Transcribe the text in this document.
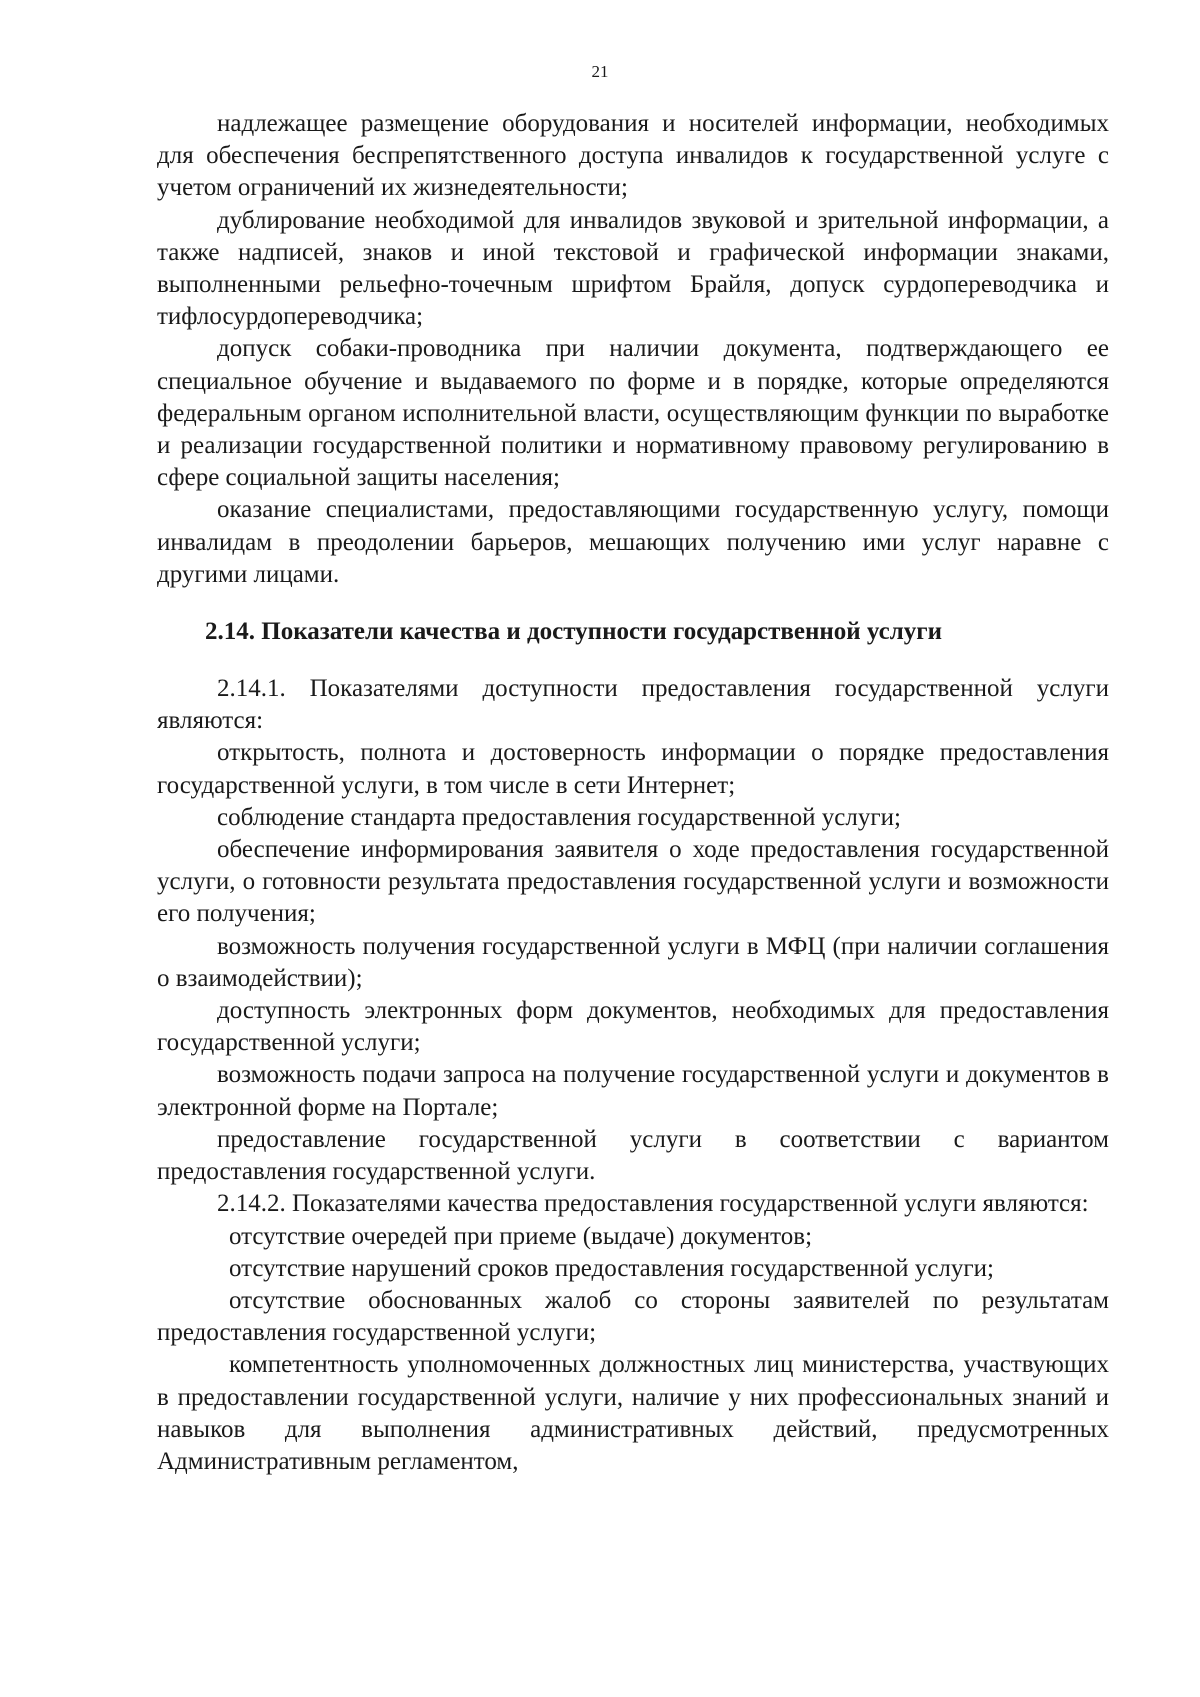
21

надлежащее размещение оборудования и носителей информации, необходимых для обеспечения беспрепятственного доступа инвалидов к государственной услуге с учетом ограничений их жизнедеятельности;

дублирование необходимой для инвалидов звуковой и зрительной информации, а также надписей, знаков и иной текстовой и графической информации знаками, выполненными рельефно-точечным шрифтом Брайля, допуск сурдопереводчика и тифлосурдопереводчика;

допуск собаки-проводника при наличии документа, подтверждающего ее специальное обучение и выдаваемого по форме и в порядке, которые определяются федеральным органом исполнительной власти, осуществляющим функции по выработке и реализации государственной политики и нормативному правовому регулированию в сфере социальной защиты населения;

оказание специалистами, предоставляющими государственную услугу, помощи инвалидам в преодолении барьеров, мешающих получению ими услуг наравне с другими лицами.

2.14. Показатели качества и доступности государственной услуги

2.14.1. Показателями доступности предоставления государственной услуги являются:

открытость, полнота и достоверность информации о порядке предоставления государственной услуги, в том числе в сети Интернет;

соблюдение стандарта предоставления государственной услуги;

обеспечение информирования заявителя о ходе предоставления государственной услуги, о готовности результата предоставления государственной услуги и возможности его получения;

возможность получения государственной услуги в МФЦ (при наличии соглашения о взаимодействии);

доступность электронных форм документов, необходимых для предоставления государственной услуги;

возможность подачи запроса на получение государственной услуги и документов в электронной форме на Портале;

предоставление государственной услуги в соответствии с вариантом предоставления государственной услуги.

2.14.2. Показателями качества предоставления государственной услуги являются:

отсутствие очередей при приеме (выдаче) документов;

отсутствие нарушений сроков предоставления государственной услуги;

отсутствие обоснованных жалоб со стороны заявителей по результатам предоставления государственной услуги;

компетентность уполномоченных должностных лиц министерства, участвующих в предоставлении государственной услуги, наличие у них профессиональных знаний и навыков для выполнения административных действий, предусмотренных Административным регламентом,
